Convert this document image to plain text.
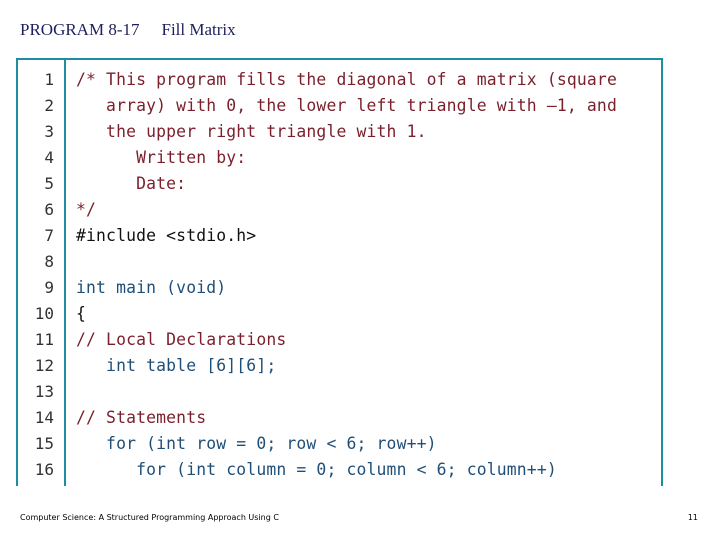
PROGRAM 8-17 Fill Matrix
1
2
3
4
5
6
7
8
9
10
11
12
13
14
15
16
/* This program fills the diagonal of a matrix (square
array) with 0, the lower left triangle with –1, and
the upper right triangle with 1.
Written by:
Date:
*/
#include <stdio.h>
int main (void)
{
// Local Declarations
int table [6][6];
// Statements
for (int row = 0; row < 6; row++)
for (int column = 0; column < 6; column++)
Computer Science: A Structured Programming Approach Using C	11
